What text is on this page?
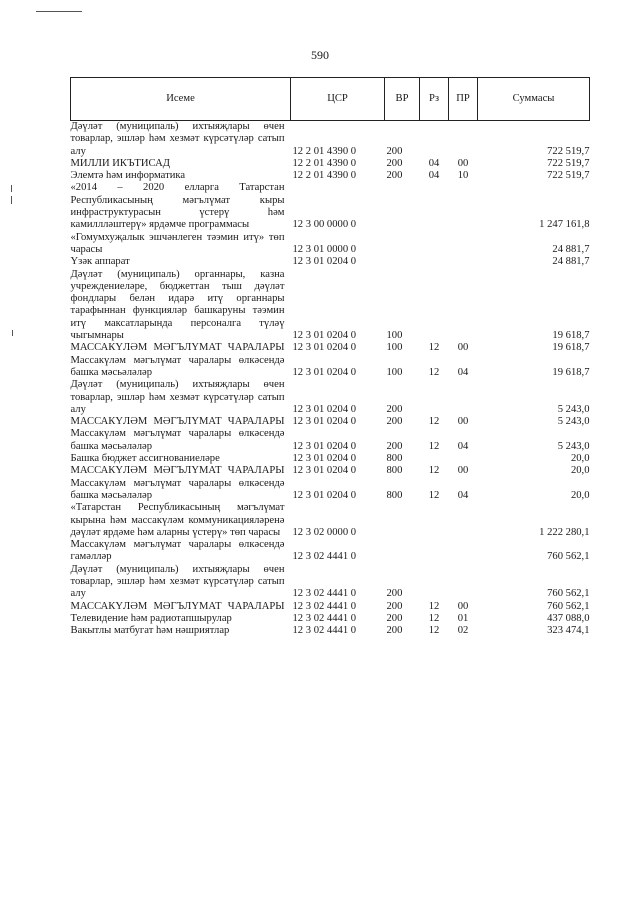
590
Исеме	ЦСР	ВР	Рз	ПР	Суммасы
Дәүләт (муниципаль) ихтыяҗлары өчен товарлар, эшләр һәм хезмәт күрсәтүләр сатып алу	12 2 01 4390 0	200			722 519,7
МИЛЛИ ИКЪТИСАД	12 2 01 4390 0	200	04	00	722 519,7
Элемтә һәм информатика	12 2 01 4390 0	200	04	10	722 519,7
«2014 – 2020 елларга Татарстан Республикасының мәгълүмат кыры инфраструктурасын үстерү һәм камиллләштерү» ярдәмче программасы	12 3 00 0000 0				1 247 161,8
«Гомумхуҗалык эшчәнлеген тәэмин итү» төп чарасы	12 3 01 0000 0				24 881,7
Үзәк аппарат	12 3 01 0204 0				24 881,7
Дәүләт (муниципаль) органнары, казна учреждениеләре, бюджеттан тыш дәүләт фондлары белән идарә итү органнары тарафыннан функцияләр башкаруны тәэмин итү максатларында персоналга түләү чыгымнары	12 3 01 0204 0	100			19 618,7
МАССАКҮЛӘМ МӘГЪЛҮМАТ ЧАРАЛАРЫ	12 3 01 0204 0	100	12	00	19 618,7
Массакүләм мәгълүмат чаралары өлкәсендә башка мәсьәләләр	12 3 01 0204 0	100	12	04	19 618,7
Дәүләт (муниципаль) ихтыяҗлары өчен товарлар, эшләр һәм хезмәт күрсәтүләр сатып алу	12 3 01 0204 0	200			5 243,0
МАССАКҮЛӘМ МӘГЪЛҮМАТ ЧАРАЛАРЫ	12 3 01 0204 0	200	12	00	5 243,0
Массакүләм мәгълүмат чаралары өлкәсендә башка мәсьәләләр	12 3 01 0204 0	200	12	04	5 243,0
Башка бюджет ассигнованиеләре	12 3 01 0204 0	800			20,0
МАССАКҮЛӘМ МӘГЪЛҮМАТ ЧАРАЛАРЫ	12 3 01 0204 0	800	12	00	20,0
Массакүләм мәгълүмат чаралары өлкәсендә башка мәсьәләләр	12 3 01 0204 0	800	12	04	20,0
«Татарстан Республикасының мәгълүмат кырына һәм массакүләм коммуникацияләренә дәүләт ярдәме һәм аларны үстерү» төп чарасы	12 3 02 0000 0				1 222 280,1
Массакүләм мәгълүмат чаралары өлкәсендә гамәлләр	12 3 02 4441 0				760 562,1
Дәүләт (муниципаль) ихтыяҗлары өчен товарлар, эшләр һәм хезмәт күрсәтүләр сатып алу	12 3 02 4441 0	200			760 562,1
МАССАКҮЛӘМ МӘГЪЛҮМАТ ЧАРАЛАРЫ	12 3 02 4441 0	200	12	00	760 562,1
Телевидение һәм радиотапшырулар	12 3 02 4441 0	200	12	01	437 088,0
Вакытлы матбугат һәм нәшриятлар	12 3 02 4441 0	200	12	02	323 474,1
